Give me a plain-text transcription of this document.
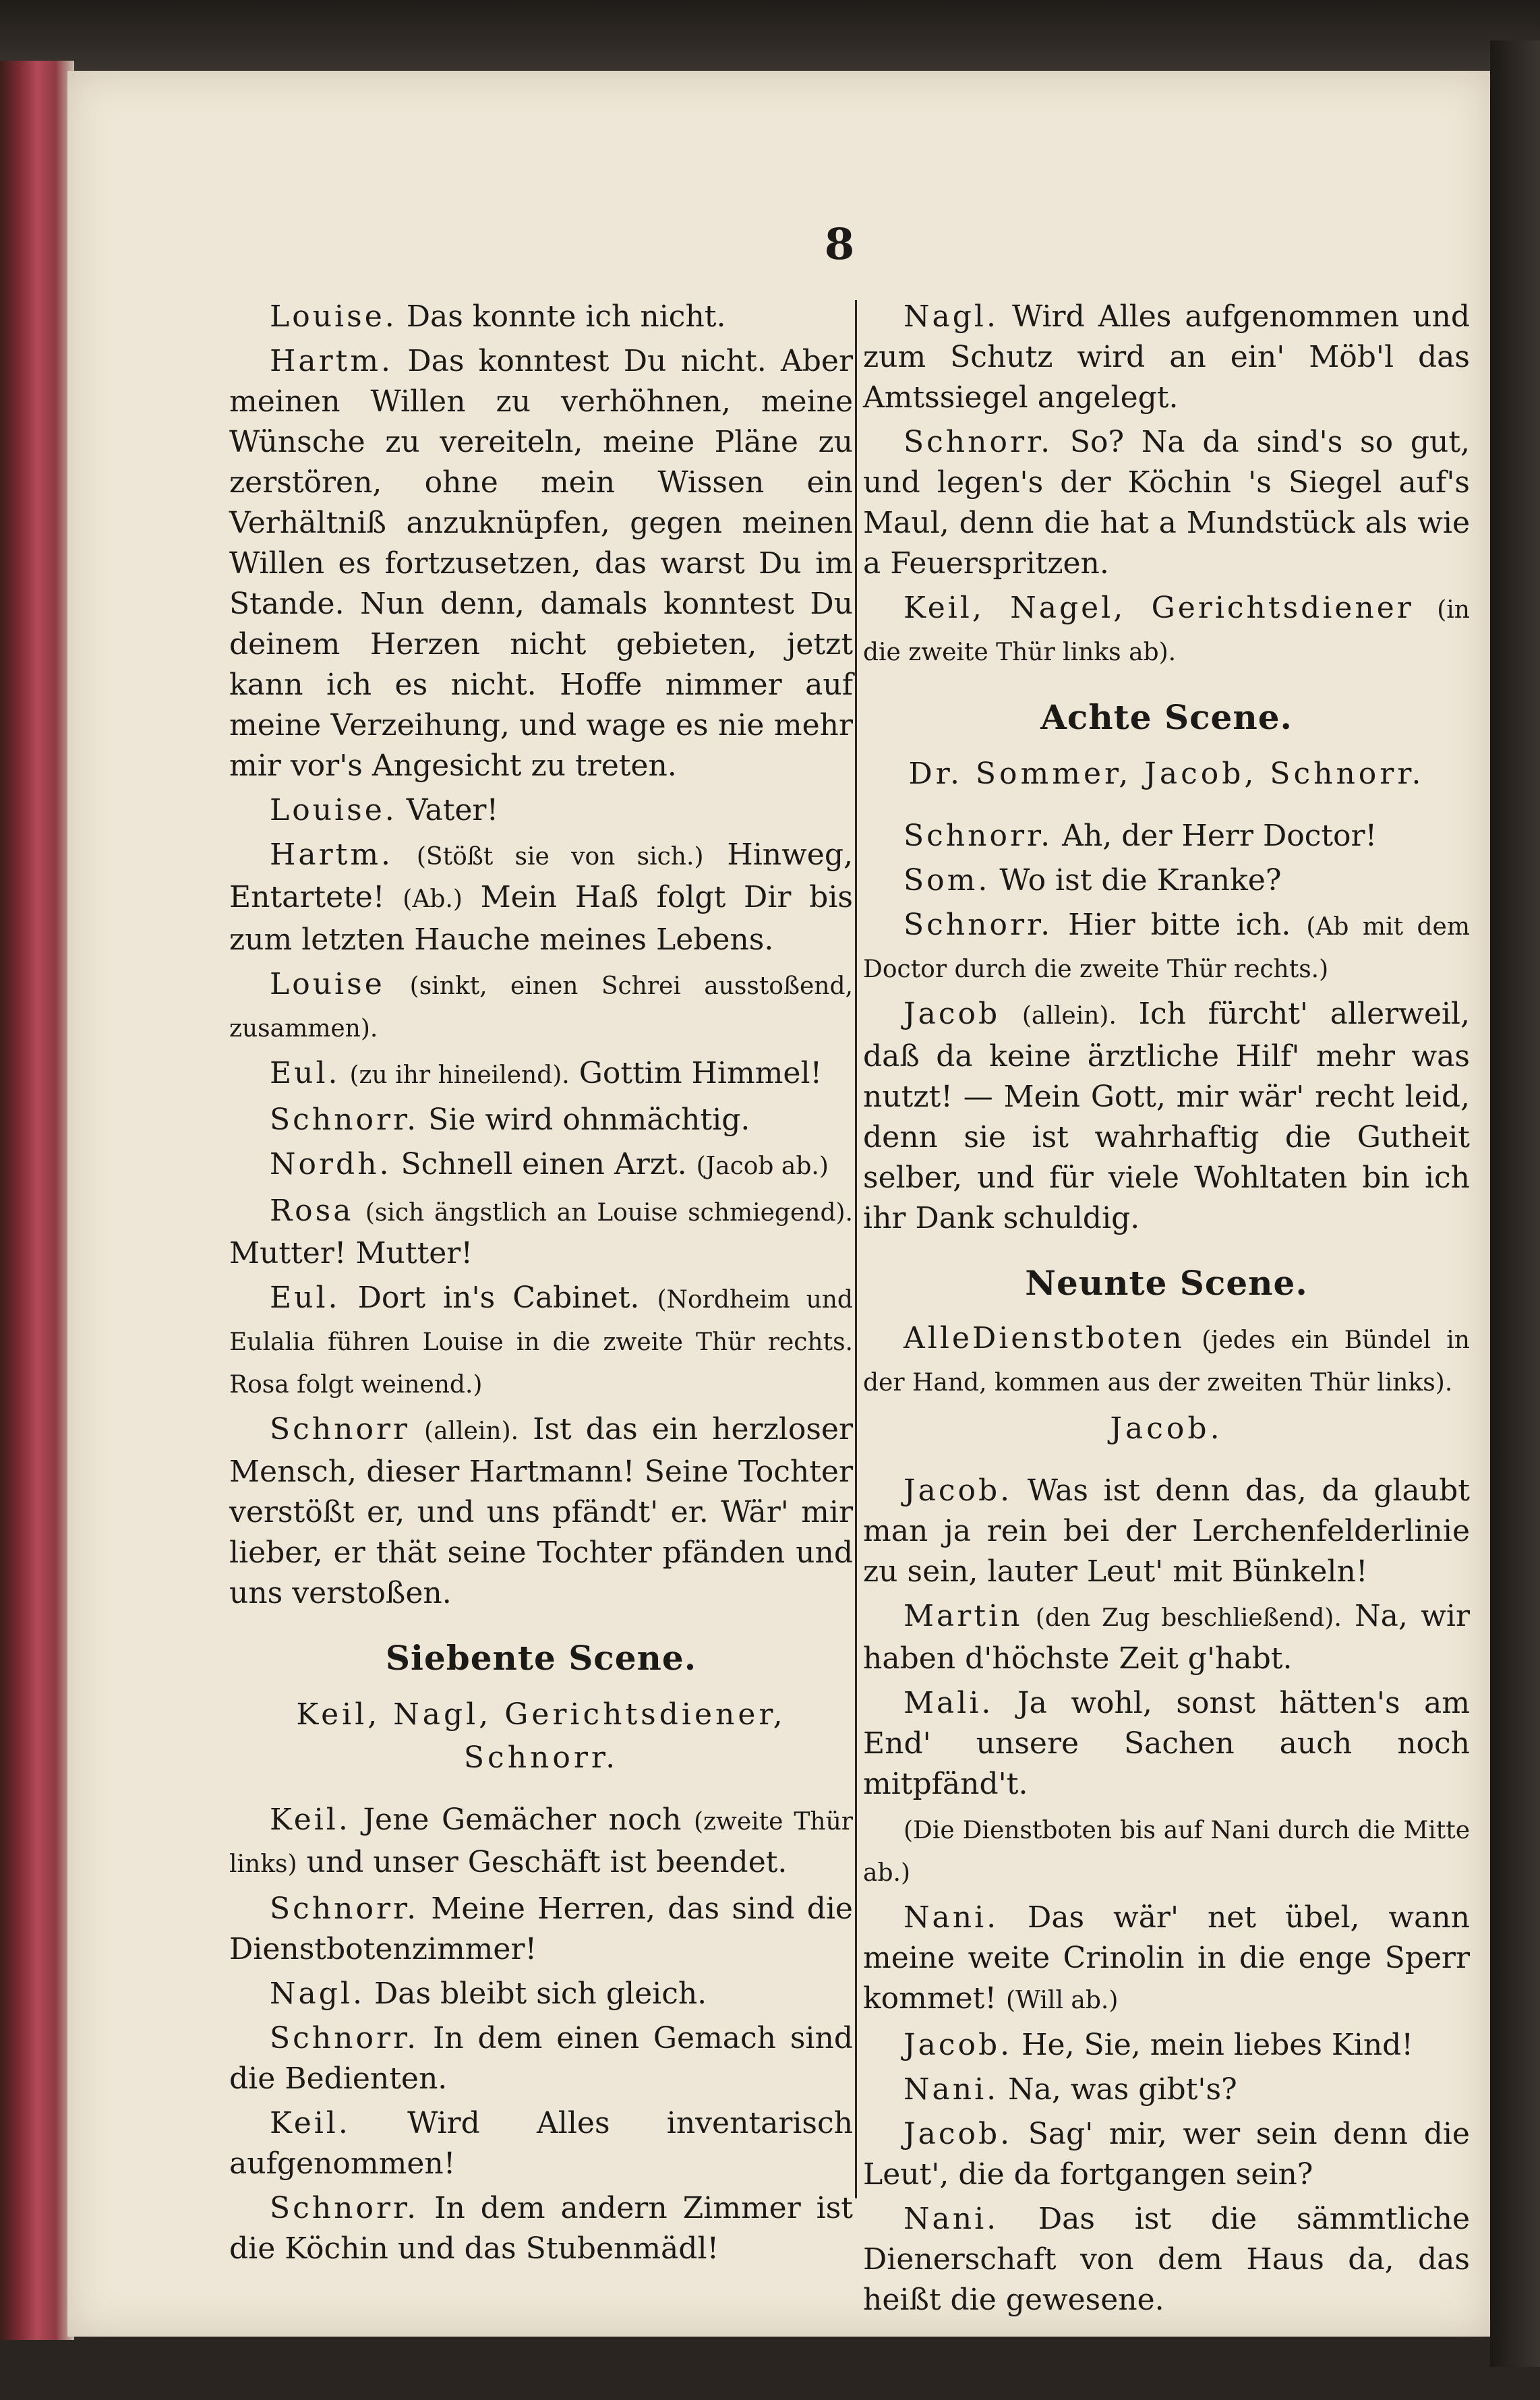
8

Louise. Das konnte ich nicht.

Hartm. Das konntest Du nicht. Aber meinen Willen zu verhöhnen, meine Wünsche zu vereiteln, meine Pläne zu zerstören, ohne mein Wissen ein Verhältniß anzuknüpfen, gegen meinen Willen es fortzusetzen, das warst Du im Stande. Nun denn, damals konntest Du deinem Herzen nicht gebieten, jetzt kann ich es nicht. Hoffe nimmer auf meine Verzeihung, und wage es nie mehr mir vor's Angesicht zu treten.

Louise. Vater!

Hartm. (Stößt sie von sich.) Hinweg, Entartete! (Ab.) Mein Haß folgt Dir bis zum letzten Hauche meines Lebens.

Louise (sinkt, einen Schrei ausstoßend, zusammen).

Eul. (zu ihr hineilend). Gottim Himmel!

Schnorr. Sie wird ohnmächtig.

Nordh. Schnell einen Arzt. (Jacob ab.)

Rosa (sich ängstlich an Louise schmiegend). Mutter! Mutter!

Eul. Dort in's Cabinet. (Nordheim und Eulalia führen Louise in die zweite Thür rechts. Rosa folgt weinend.)

Schnorr (allein). Ist das ein herzloser Mensch, dieser Hartmann! Seine Tochter verstößt er, und uns pfändt' er. Wär' mir lieber, er thät seine Tochter pfänden und uns verstoßen.

Siebente Scene.
Keil, Nagl, Gerichtsdiener, Schnorr.

Keil. Jene Gemächer noch (zweite Thür links) und unser Geschäft ist beendet.

Schnorr. Meine Herren, das sind die Dienstbotenzimmer!

Nagl. Das bleibt sich gleich.

Schnorr. In dem einen Gemach sind die Bedienten.

Keil. Wird Alles inventarisch aufgenommen!

Schnorr. In dem andern Zimmer ist die Köchin und das Stubenmädl!

Nagl. Wird Alles aufgenommen und zum Schutz wird an ein' Möb'l das Amtssiegel angelegt.

Schnorr. So? Na da sind's so gut, und legen's der Köchin 's Siegel auf's Maul, denn die hat a Mundstück als wie a Feuerspritzen.

Keil, Nagel, Gerichtsdiener (in die zweite Thür links ab).

Achte Scene.
Dr. Sommer, Jacob, Schnorr.

Schnorr. Ah, der Herr Doctor!

Som. Wo ist die Kranke?

Schnorr. Hier bitte ich. (Ab mit dem Doctor durch die zweite Thür rechts.)

Jacob (allein). Ich fürcht' allerweil, daß da keine ärztliche Hilf' mehr was nutzt! — Mein Gott, mir wär' recht leid, denn sie ist wahrhaftig die Gutheit selber, und für viele Wohltaten bin ich ihr Dank schuldig.

Neunte Scene.

AlleDienstboten (jedes ein Bündel in der Hand, kommen aus der zweiten Thür links).

Jacob.

Jacob. Was ist denn das, da glaubt man ja rein bei der Lerchenfelderlinie zu sein, lauter Leut' mit Bünkeln!

Martin (den Zug beschließend). Na, wir haben d'höchste Zeit g'habt.

Mali. Ja wohl, sonst hätten's am End' unsere Sachen auch noch mitpfänd't.

(Die Dienstboten bis auf Nani durch die Mitte ab.)

Nani. Das wär' net übel, wann meine weite Crinolin in die enge Sperr kommet! (Will ab.)

Jacob. He, Sie, mein liebes Kind!

Nani. Na, was gibt's?

Jacob. Sag' mir, wer sein denn die Leut', die da fortgangen sein?

Nani. Das ist die sämmtliche Dienerschaft von dem Haus da, das heißt die gewesene.
